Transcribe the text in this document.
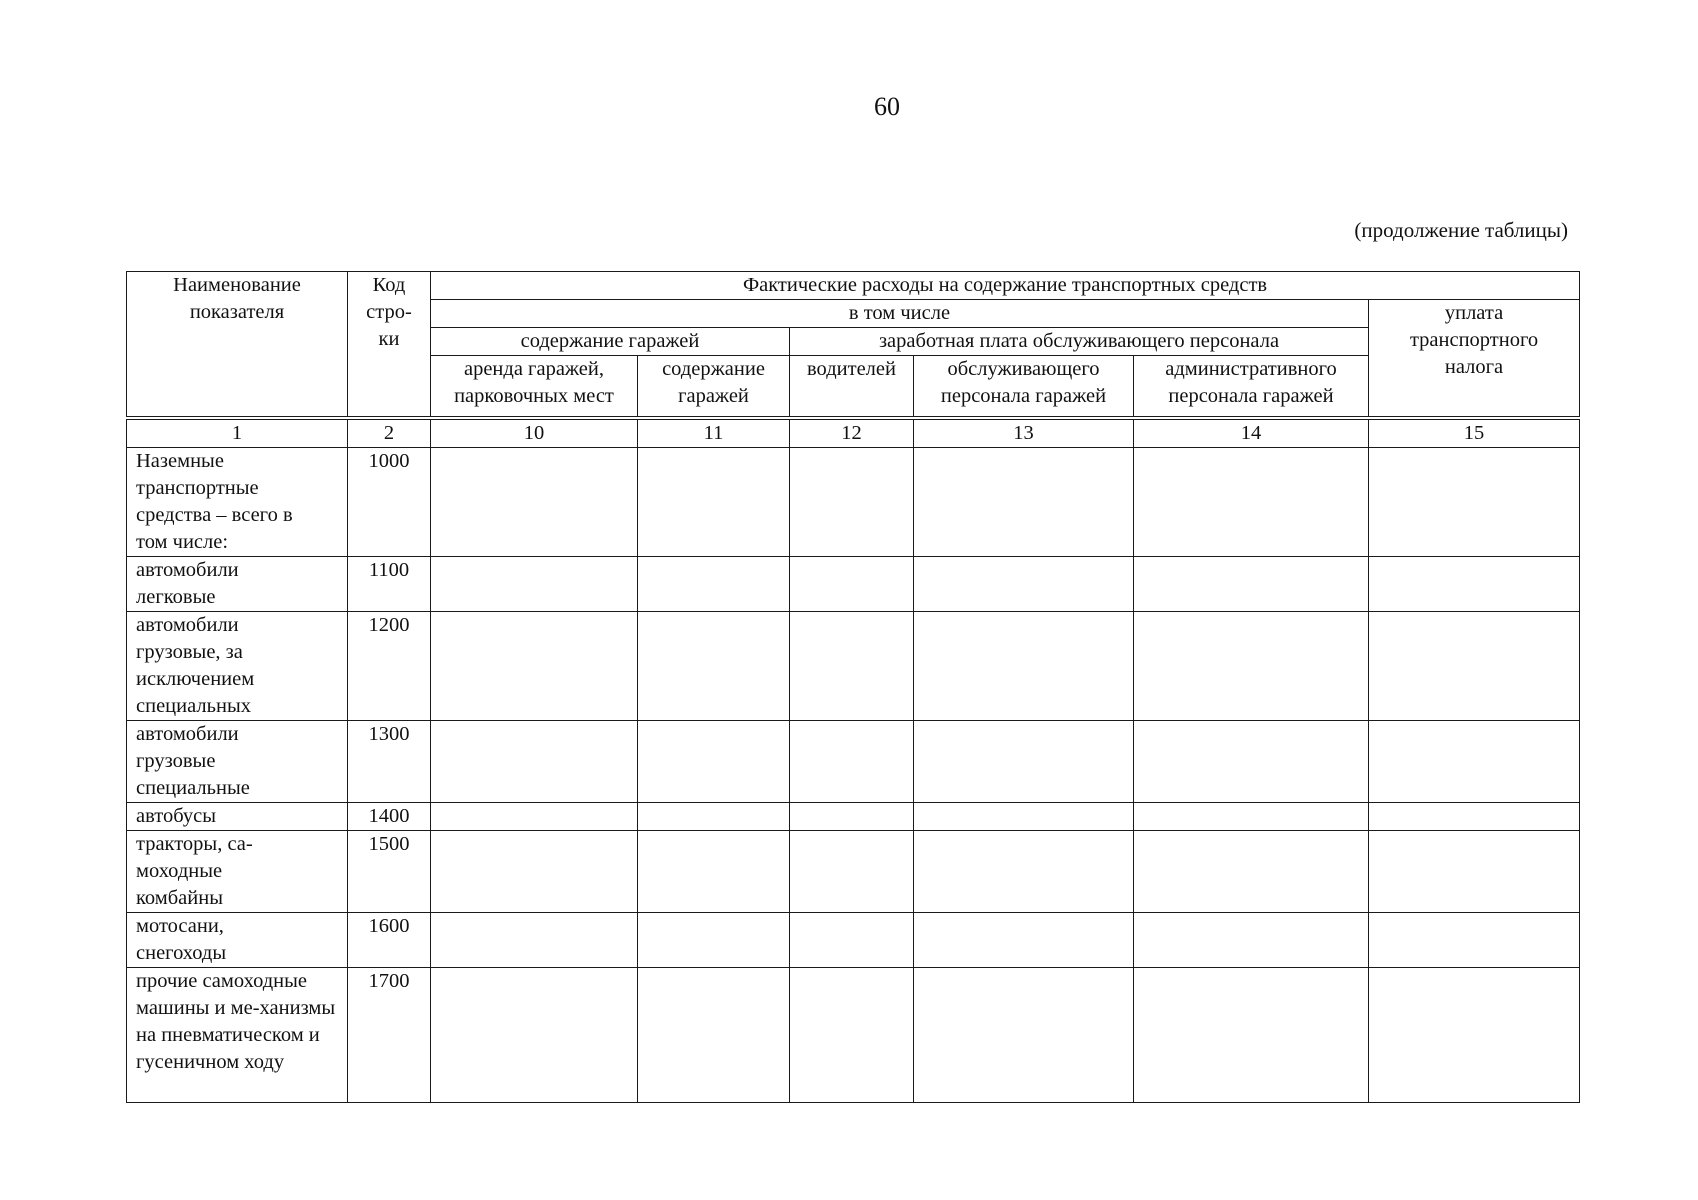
60
(продолжение таблицы)
Наименование показателя	Код стро-ки	Фактические расходы на содержание транспортных средств					
		в том числе					уплата транспортного налога

		содержание гаражей		заработная плата обслуживающего персонала			
		аренда гаражей, парковочных мест	содержание гаражей	водителей	обслуживающего персонала гаражей	административного персонала гаражей	

1	2	10	11	12	13	14	15

Наземные транспортные средства – всего в том числе:	1000						

автомобили легковые	1100						

автомобили грузовые, за исключением специальных	1200						

автомобили грузовые специальные	1300						
автобусы	1400						

тракторы, са-моходные комбайны	1500						

мотосани, снегоходы	1600						

прочие самоходные машины и ме-ханизмы на пневматическом и гусеничном ходу	1700						
